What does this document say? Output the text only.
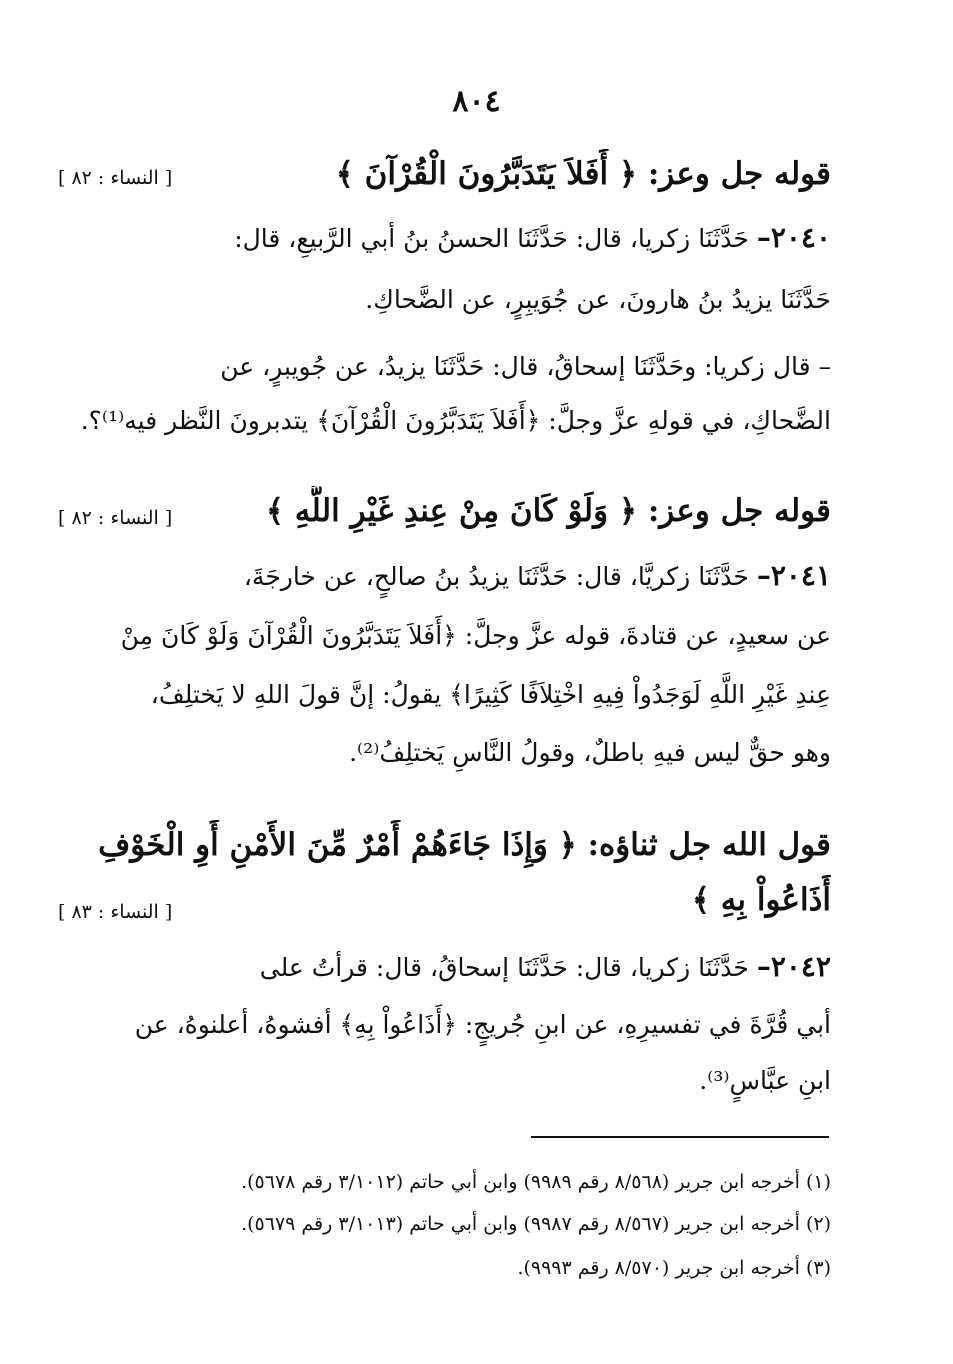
٨٠٤
قوله جل وعز: ﴿ أَفَلاَ يَتَدَبَّرُونَ الْقُرْآنَ ﴾
[ النساء : ٨٢ ]
٢٠٤٠– حَدَّثَنَا زكريا، قال: حَدَّثَنَا الحسنُ بنُ أبي الرَّبيعِ، قال:
حَدَّثَنَا يزيدُ بنُ هارونَ، عن جُوَيبِرٍ، عن الضَّحاكِ.
– قال زكريا: وحَدَّثَنَا إسحاقُ، قال: حَدَّثَنَا يزيدُ، عن جُويبرٍ، عن
الضَّحاكِ، في قولهِ عزَّ وجلَّ: ﴿أَفَلاَ يَتَدَبَّرُونَ الْقُرْآنَ﴾ يتدبرونَ النَّظر فيه⁽¹⁾؟.
قوله جل وعز: ﴿ وَلَوْ كَانَ مِنْ عِندِ غَيْرِ اللَّهِ ﴾
[ النساء : ٨٢ ]
٢٠٤١– حَدَّثَنَا زكريَّا، قال: حَدَّثَنَا يزيدُ بنُ صالحٍ، عن خارجَةَ،
عن سعيدٍ، عن قتادةَ، قوله عزَّ وجلَّ: ﴿أَفَلاَ يَتَدَبَّرُونَ الْقُرْآنَ وَلَوْ كَانَ مِنْ
عِندِ غَيْرِ اللَّهِ لَوَجَدُواْ فِيهِ اخْتِلاَفًا كَثِيرًا﴾ يقولُ: إنَّ قولَ اللهِ لا يَختلِفُ،
وهو حقٌّ ليس فيهِ باطلٌ، وقولُ النَّاسِ يَختلِفُ⁽²⁾.
قول الله جل ثناؤه: ﴿ وَإِذَا جَاءَهُمْ أَمْرٌ مِّنَ الأَمْنِ أَوِ الْخَوْفِ
أَذَاعُواْ بِهِ ﴾
[ النساء : ٨٣ ]
٢٠٤٢– حَدَّثَنَا زكريا، قال: حَدَّثَنَا إسحاقُ، قال: قرأتُ على
أبي قُرَّةَ في تفسيرِهِ، عن ابنِ جُريجٍ: ﴿أَذَاعُواْ بِهِ﴾ أفشوهُ، أعلنوهُ، عن
ابنِ عبَّاسٍ⁽³⁾.
(١) أخرجه ابن جرير (٨/٥٦٨ رقم ٩٩٨٩) وابن أبي حاتم (٣/١٠١٢ رقم ٥٦٧٨).
(٢) أخرجه ابن جرير (٨/٥٦٧ رقم ٩٩٨٧) وابن أبي حاتم (٣/١٠١٣ رقم ٥٦٧٩).
(٣) أخرجه ابن جرير (٨/٥٧٠ رقم ٩٩٩٣).
